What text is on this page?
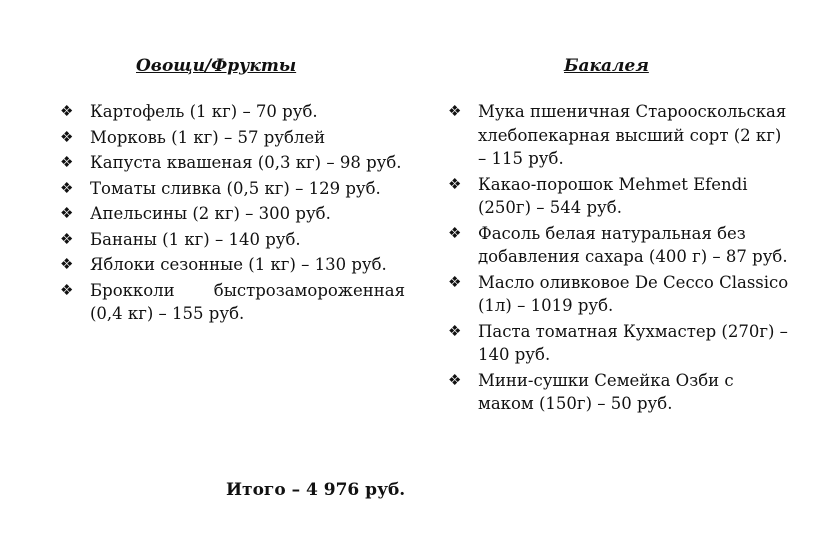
Овощи/Фрукты
❖	Картофель (1 кг) – 70 руб.
❖	Морковь (1 кг) – 57 рублей
❖	Капуста квашеная (0,3 кг) – 98 руб.
❖	Томаты сливка (0,5 кг) – 129 руб.
❖	Апельсины (2 кг) – 300 руб.
❖	Бананы (1 кг) – 140 руб.
❖	Яблоки сезонные (1 кг) – 130 руб.
❖	Брокколи быстрозамороженная (0,4 кг) – 155 руб.
Бакалея
❖	Мука пшеничная Старооскольская хлебопекарная высший сорт (2 кг) – 115 руб.
❖	Какао-порошок Mehmet Efendi (250г) – 544 руб.
❖	Фасоль белая натуральная без добавления сахара (400 г) – 87 руб.
❖	Масло оливковое De Cecco Classico (1л) – 1019 руб.
❖	Паста томатная Кухмастер (270г) – 140 руб.
❖	Мини-сушки Семейка Озби с маком (150г) – 50 руб.
Итого – 4 976 руб.
